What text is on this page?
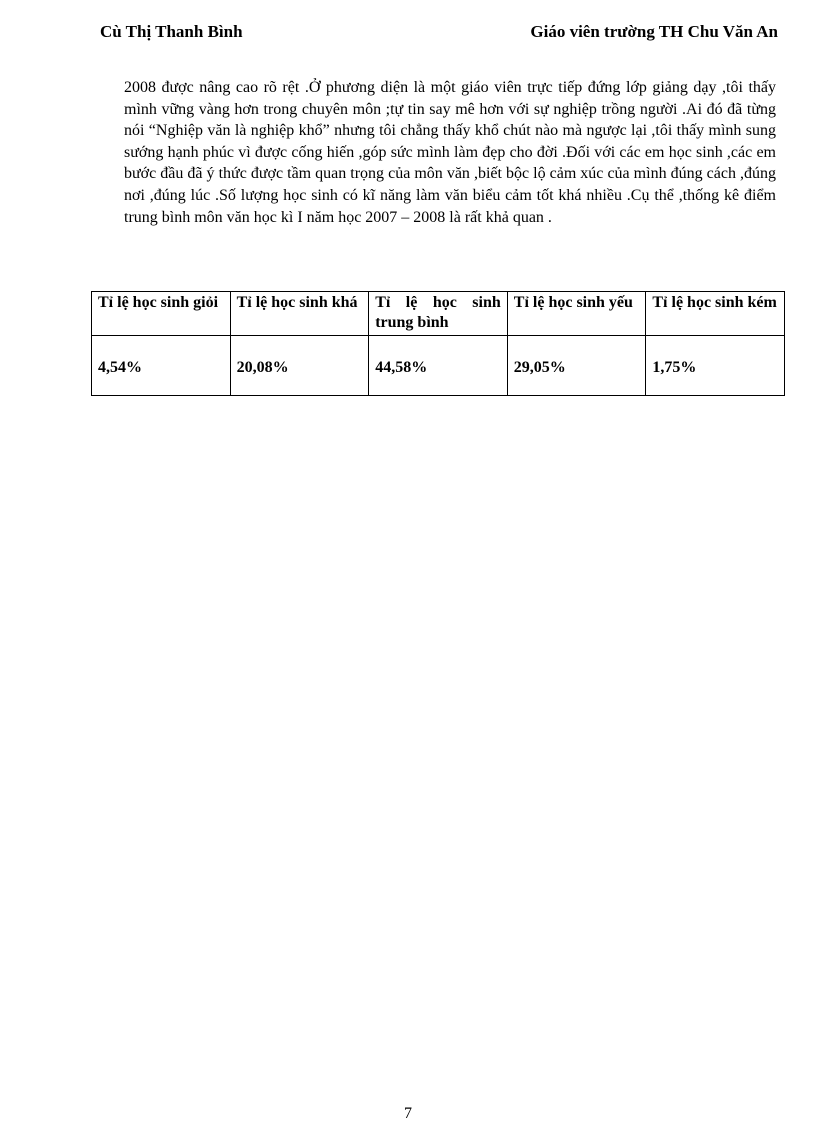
Cù Thị Thanh Bình	Giáo viên trường TH Chu Văn An

2008 được nâng cao rõ rệt .Ở phương diện là một giáo viên trực tiếp đứng lớp giảng dạy ,tôi thấy mình vững vàng hơn trong chuyên môn ;tự tin say mê hơn với sự nghiệp trồng người .Ai đó đã từng nói “Nghiệp văn là nghiệp khổ” nhưng tôi chẳng thấy khổ chút nào mà ngược lại ,tôi thấy mình sung sướng hạnh phúc vì được cống hiến ,góp sức mình làm đẹp cho đời .Đối với các em học sinh ,các em bước đầu đã ý thức được tầm quan trọng của môn văn ,biết bộc lộ cảm xúc của mình đúng cách ,đúng nơi ,đúng lúc .Số lượng học sinh có kĩ năng làm văn biểu cảm tốt khá nhiều .Cụ thể ,thống kê điểm trung bình môn văn học kì I năm học 2007 – 2008 là rất khả quan .

Tỉ lệ học sinh giỏi	Tỉ lệ học sinh khá	Tỉ lệ học sinh trung bình	Tỉ lệ học sinh yếu	Tỉ lệ học sinh kém
4,54%	20,08%	44,58%	29,05%	1,75%
7
